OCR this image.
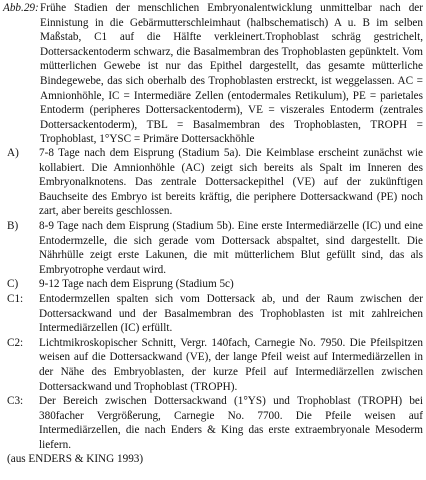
Abb.29: Frühe Stadien der menschlichen Embryonalentwicklung unmittelbar nach der Einnistung in die Gebärmutterschleimhaut (halbschematisch) A u. B im selben Maßstab, C1 auf die Hälfte verkleinert.Trophoblast schräg gestrichelt, Dottersackentoderm schwarz, die Basalmembran des Trophoblasten gepünktelt. Vom mütterlichen Gewebe ist nur das Epithel dargestellt, das gesamte mütterliche Bindegewebe, das sich oberhalb des Trophoblasten erstreckt, ist weggelassen. AC = Amnionhöhle, IC = Intermediäre Zellen (entodermales Retikulum), PE = parietales Entoderm (peripheres Dottersackentoderm), VE = viszerales Entoderm (zentrales Dottersackentoderm), TBL = Basalmembran des Trophoblasten, TROPH = Trophoblast, 1°YSC = Primäre Dottersackhöhle
A)	7-8 Tage nach dem Eisprung (Stadium 5a). Die Keimblase erscheint zunächst wie kollabiert. Die Amnionhöhle (AC) zeigt sich bereits als Spalt im Inneren des Embryonalknotens. Das zentrale Dottersackepithel (VE) auf der zukünftigen Bauchseite des Embryo ist bereits kräftig, die periphere Dottersackwand (PE) noch zart, aber bereits geschlossen.
B)	8-9 Tage nach dem Eisprung (Stadium 5b). Eine erste Intermediärzelle (IC) und eine Entodermzelle, die sich gerade vom Dottersack abspaltet, sind dargestellt. Die Nährhülle zeigt erste Lakunen, die mit mütterlichem Blut gefüllt sind, das als Embryotrophe verdaut wird.
C)	9-12 Tage nach dem Eisprung (Stadium 5c)
C1:	Entodermzellen spalten sich vom Dottersack ab, und der Raum zwischen der Dottersackwand und der Basalmembran des Trophoblasten ist mit zahlreichen Intermediärzellen (IC) erfüllt.
C2:	Lichtmikroskopischer Schnitt, Vergr. 140fach, Carnegie No. 7950. Die Pfeilspitzen weisen auf die Dottersackwand (VE), der lange Pfeil weist auf Intermediärzellen in der Nähe des Embryoblasten, der kurze Pfeil auf Intermediärzellen zwischen Dottersackwand und Trophoblast (TROPH).
C3:	Der Bereich zwischen Dottersackwand (1°YS) und Trophoblast (TROPH) bei 380facher Vergrößerung, Carnegie No. 7700. Die Pfeile weisen auf Intermediärzellen, die nach Enders & King das erste extraembryonale Mesoderm liefern.
(aus ENDERS & KING 1993)
